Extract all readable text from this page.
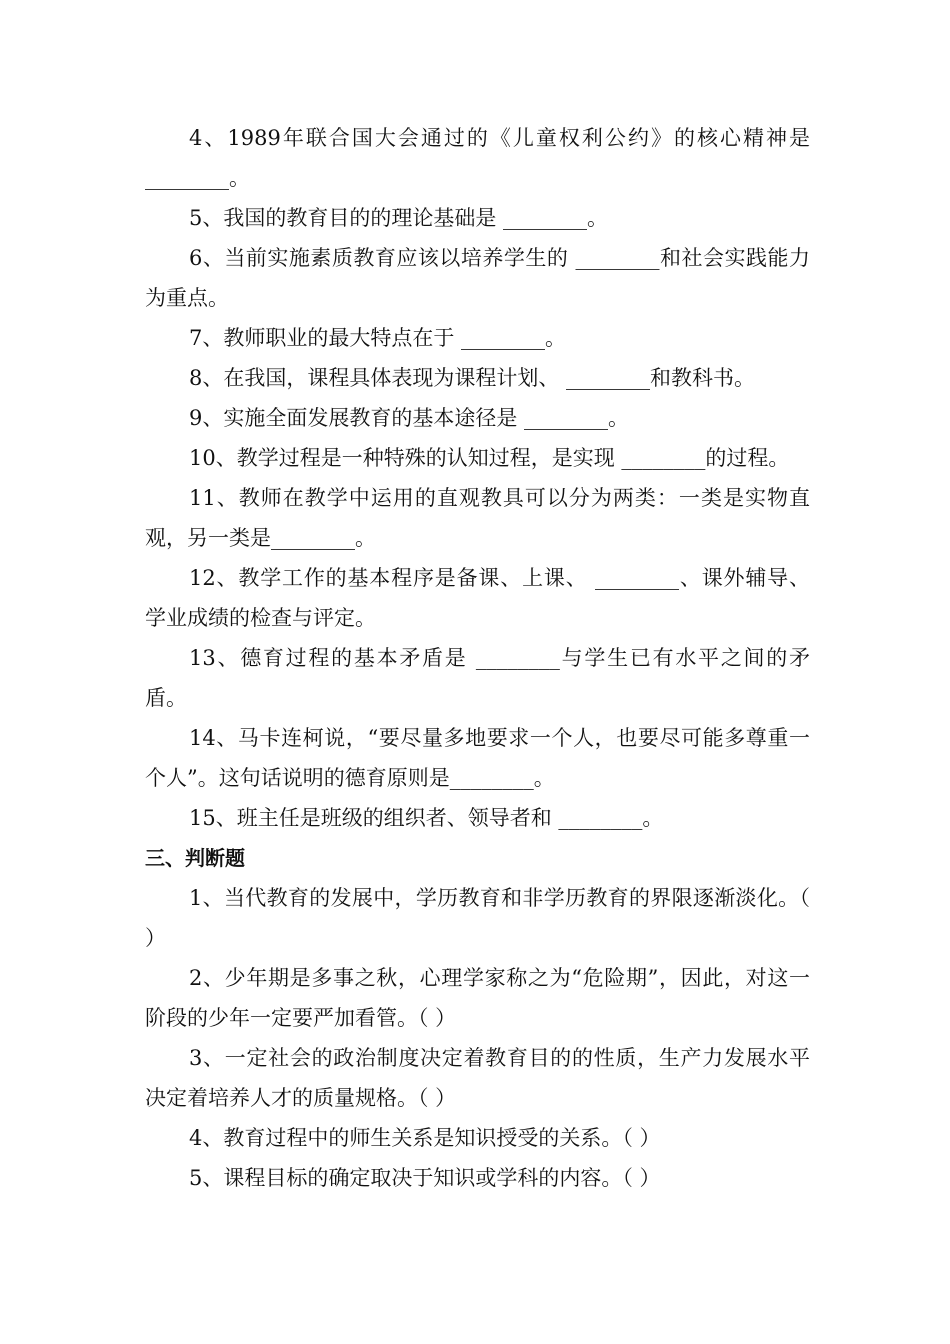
4、1989年联合国大会通过的《儿童权利公约》的核心精神是________。

5、我国的教育目的的理论基础是 ________。

6、当前实施素质教育应该以培养学生的 ________和社会实践能力为重点。

7、教师职业的最大特点在于 ________。

8、在我国，课程具体表现为课程计划、 ________和教科书。

9、实施全面发展教育的基本途径是 ________。

10、教学过程是一种特殊的认知过程，是实现 ________的过程。

11、教师在教学中运用的直观教具可以分为两类：一类是实物直观，另一类是________。

12、教学工作的基本程序是备课、上课、 ________、课外辅导、学业成绩的检查与评定。

13、德育过程的基本矛盾是 ________与学生已有水平之间的矛盾。

14、马卡连柯说，“要尽量多地要求一个人，也要尽可能多尊重一个人”。这句话说明的德育原则是________。

15、班主任是班级的组织者、领导者和 ________。

三、判断题

1、当代教育的发展中，学历教育和非学历教育的界限逐渐淡化。（ ）

2、少年期是多事之秋，心理学家称之为“危险期”，因此，对这一阶段的少年一定要严加看管。（ ）

3、一定社会的政治制度决定着教育目的的性质，生产力发展水平决定着培养人才的质量规格。（ ）

4、教育过程中的师生关系是知识授受的关系。（ ）

5、课程目标的确定取决于知识或学科的内容。（ ）
